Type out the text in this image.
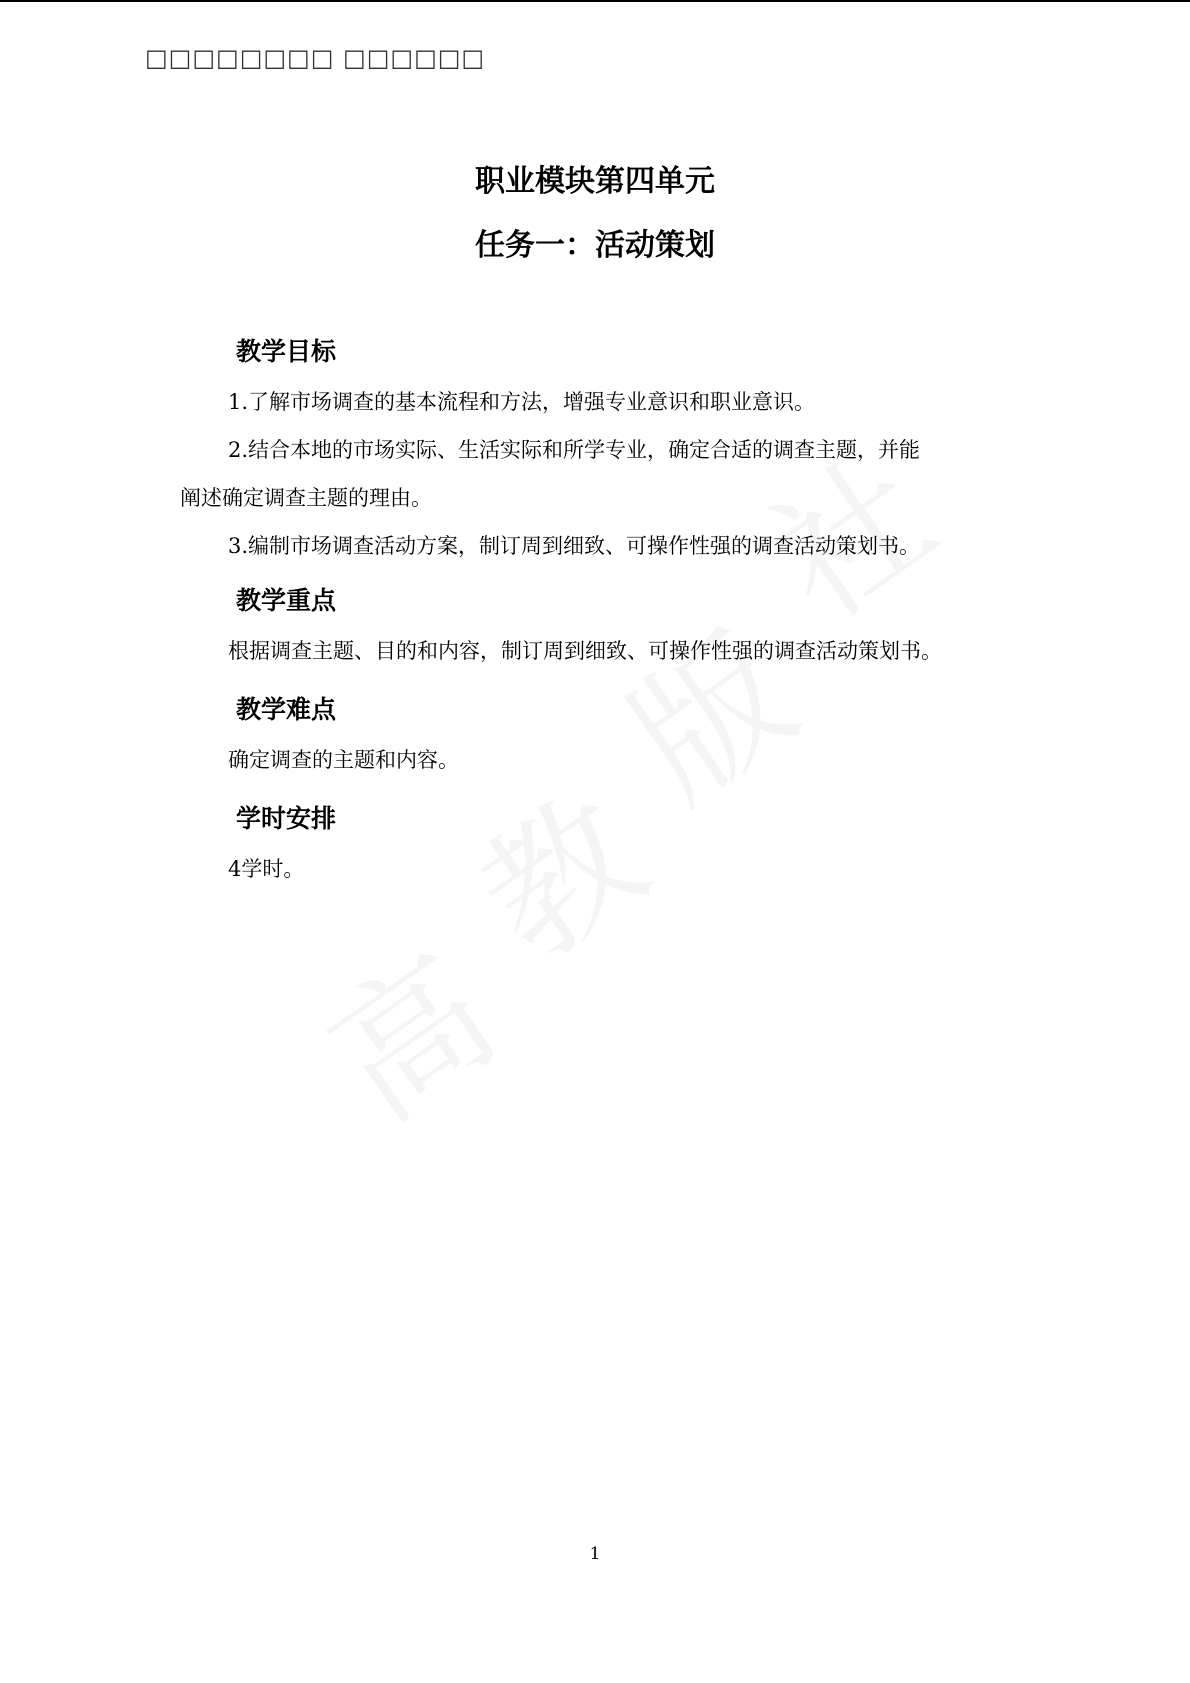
□□□□□□□□ □□□□□□
职业模块第四单元
任务一：活动策划
教学目标
1.了解市场调查的基本流程和方法，增强专业意识和职业意识。
2.结合本地的市场实际、生活实际和所学专业，确定合适的调查主题，并能
阐述确定调查主题的理由。
3.编制市场调查活动方案，制订周到细致、可操作性强的调查活动策划书。
教学重点
根据调查主题、目的和内容，制订周到细致、可操作性强的调查活动策划书。
教学难点
确定调查的主题和内容。
学时安排
4学时。
1
